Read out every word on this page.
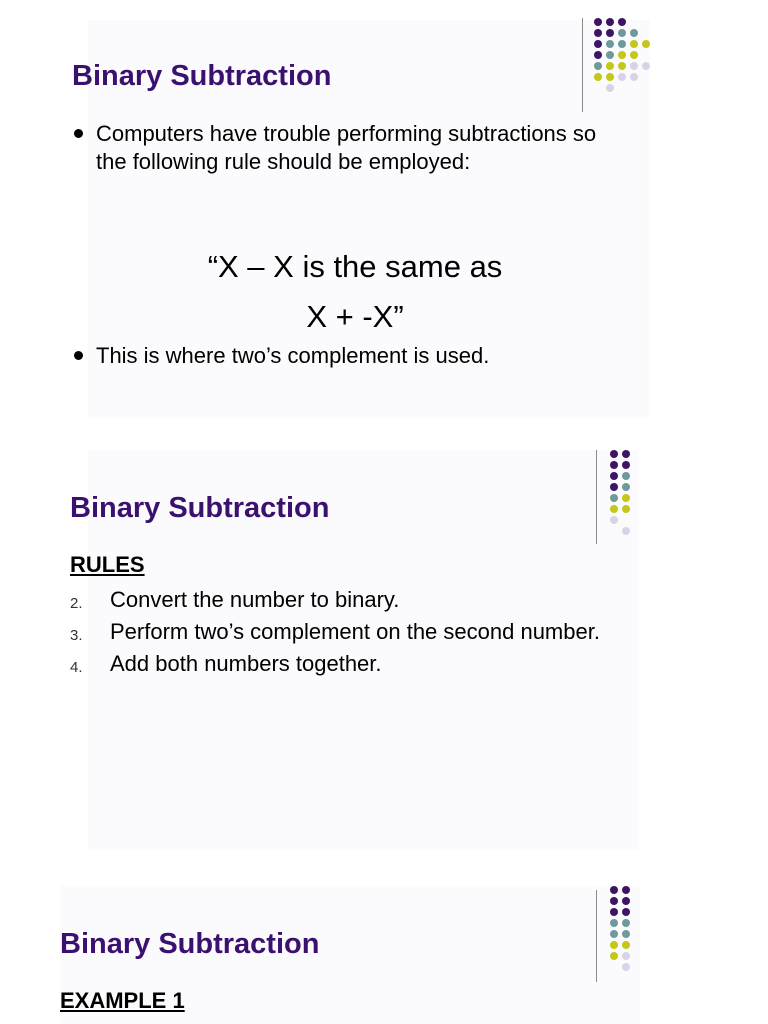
Binary Subtraction
Computers have trouble performing subtractions so the following rule should be employed:

“X – X is the same as

X + -X”

This is where two’s complement is used.
Binary Subtraction
RULES
2. Convert the number to binary.
3. Perform two’s complement on the second number.
4. Add both numbers together.
Binary Subtraction
EXAMPLE 1
